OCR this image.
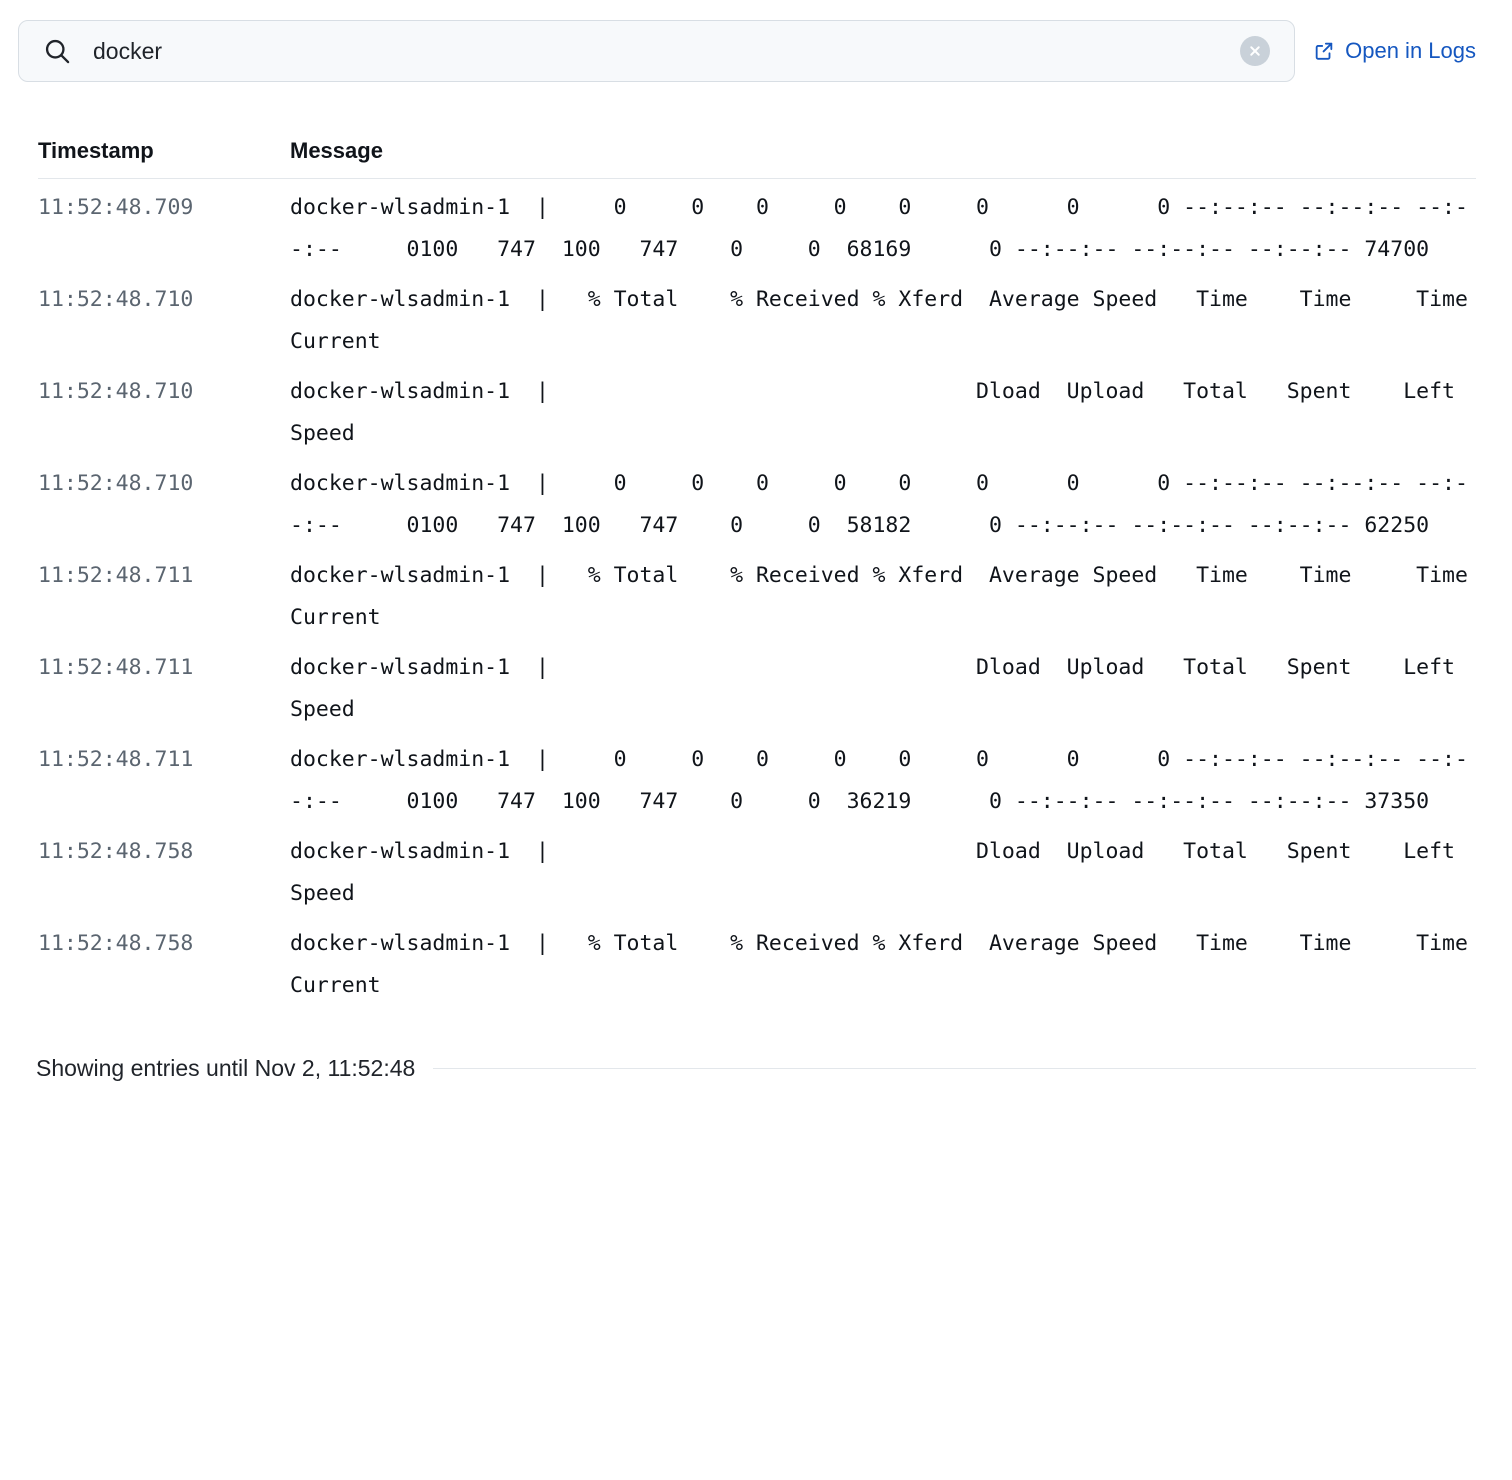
docker
Open in Logs
Timestamp	Message
11:52:48.709	docker-wlsadmin-1  |     0     0    0     0    0     0      0      0 --:--:-- --:--:-- --:--:--     0100   747  100   747    0     0  68169      0 --:--:-- --:--:-- --:--:-- 74700
11:52:48.710	docker-wlsadmin-1  |   % Total    % Received % Xferd  Average Speed   Time    Time     Time  Current
11:52:48.710	docker-wlsadmin-1  |                                 Dload  Upload   Total   Spent    Left  Speed
11:52:48.710	docker-wlsadmin-1  |     0     0    0     0    0     0      0      0 --:--:-- --:--:-- --:--:--     0100   747  100   747    0     0  58182      0 --:--:-- --:--:-- --:--:-- 62250
11:52:48.711	docker-wlsadmin-1  |   % Total    % Received % Xferd  Average Speed   Time    Time     Time  Current
11:52:48.711	docker-wlsadmin-1  |                                 Dload  Upload   Total   Spent    Left  Speed
11:52:48.711	docker-wlsadmin-1  |     0     0    0     0    0     0      0      0 --:--:-- --:--:-- --:--:--     0100   747  100   747    0     0  36219      0 --:--:-- --:--:-- --:--:-- 37350
11:52:48.758	docker-wlsadmin-1  |                                 Dload  Upload   Total   Spent    Left  Speed
11:52:48.758	docker-wlsadmin-1  |   % Total    % Received % Xferd  Average Speed   Time    Time     Time  Current
Showing entries until Nov 2, 11:52:48
